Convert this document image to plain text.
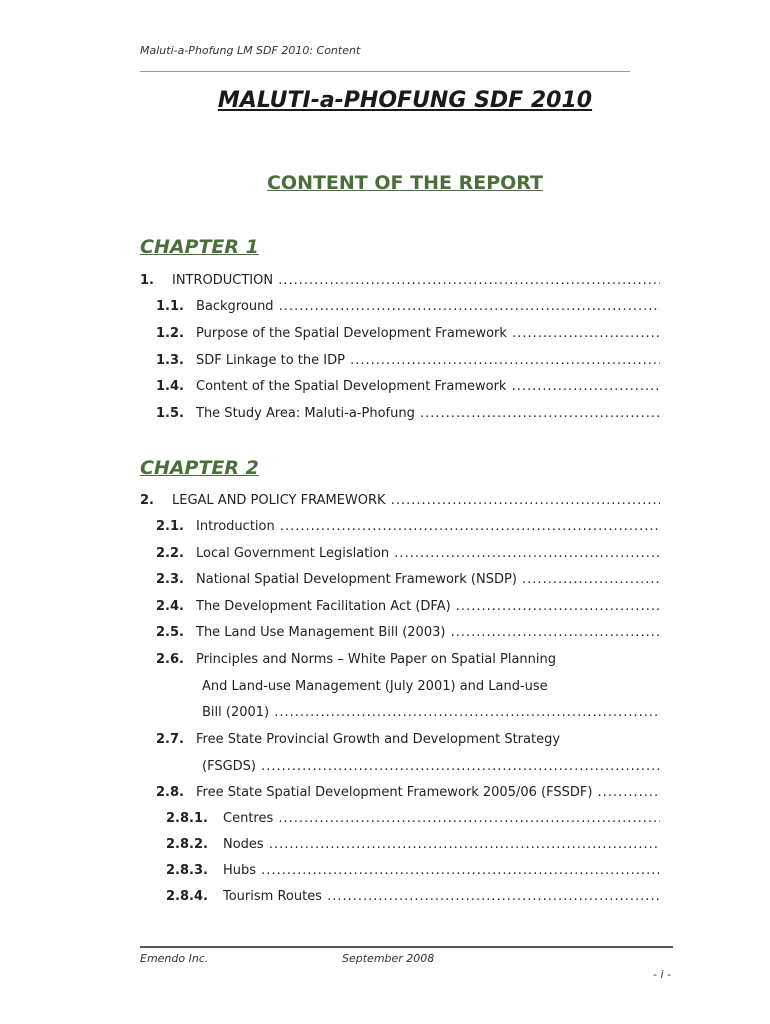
Maluti-a-Phofung LM SDF 2010: Content
MALUTI-a-PHOFUNG SDF 2010
CONTENT OF THE REPORT
CHAPTER 1
1. INTRODUCTION .....
1.1. Background .....
1.2. Purpose of the Spatial Development Framework .....
1.3. SDF Linkage to the IDP .....
1.4. Content of the Spatial Development Framework .....
1.5. The Study Area: Maluti-a-Phofung .....
CHAPTER 2
2. LEGAL AND POLICY FRAMEWORK .....
2.1. Introduction .....
2.2. Local Government Legislation .....
2.3. National Spatial Development Framework (NSDP) .....
2.4. The Development Facilitation Act (DFA) .....
2.5. The Land Use Management Bill (2003) .....
2.6. Principles and Norms – White Paper on Spatial Planning
And Land-use Management (July 2001) and Land-use
Bill (2001) .....
2.7. Free State Provincial Growth and Development Strategy
(FSGDS) .....
2.8. Free State Spatial Development Framework 2005/06 (FSSDF) .....
2.8.1. Centres .....
2.8.2. Nodes .....
2.8.3. Hubs .....
2.8.4. Tourism Routes .....
Emendo Inc.	September 2008
- i -
